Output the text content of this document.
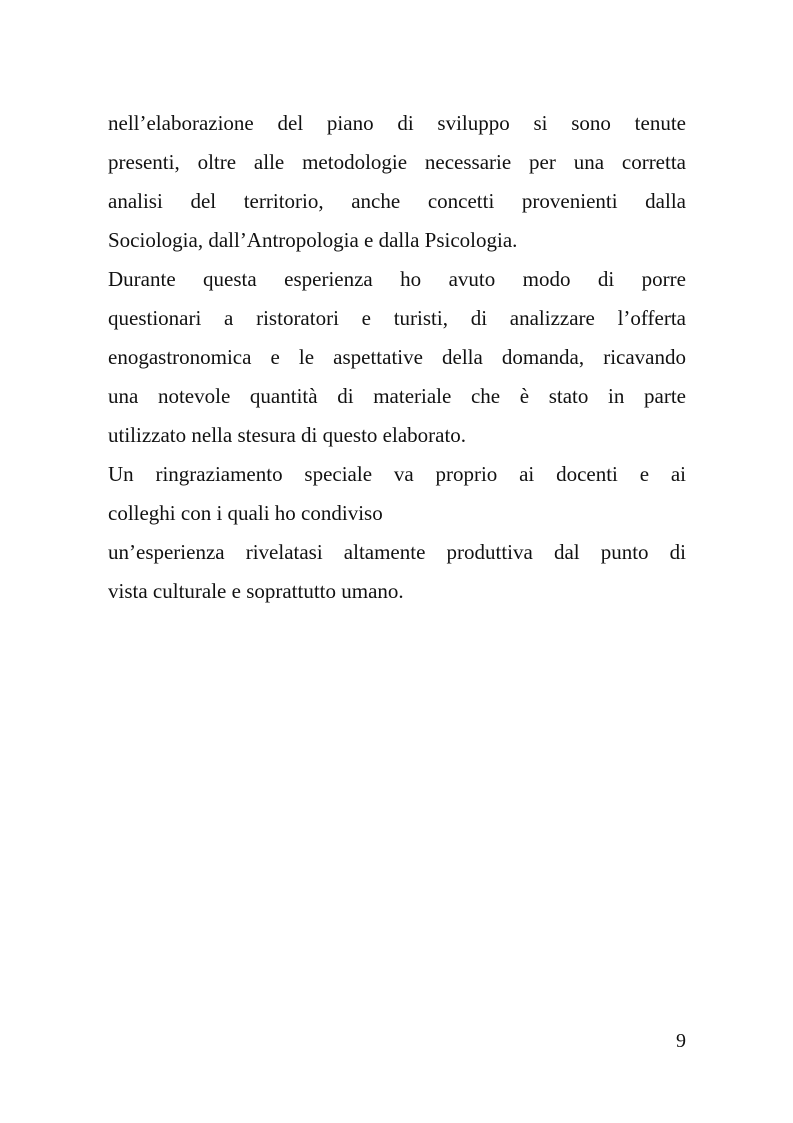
nell’elaborazione del piano di sviluppo si sono tenute
presenti, oltre alle metodologie necessarie per una corretta
analisi del territorio, anche concetti provenienti dalla
Sociologia, dall’Antropologia e dalla Psicologia.
Durante questa esperienza ho avuto modo di porre
questionari a ristoratori e turisti, di analizzare l’offerta
enogastronomica e le aspettative della domanda, ricavando
una notevole quantità di materiale che è stato in parte
utilizzato nella stesura di questo elaborato.
Un ringraziamento speciale va proprio ai docenti e ai
colleghi con i quali ho condiviso
un’esperienza rivelatasi altamente produttiva dal punto di
vista culturale e soprattutto umano.
9
